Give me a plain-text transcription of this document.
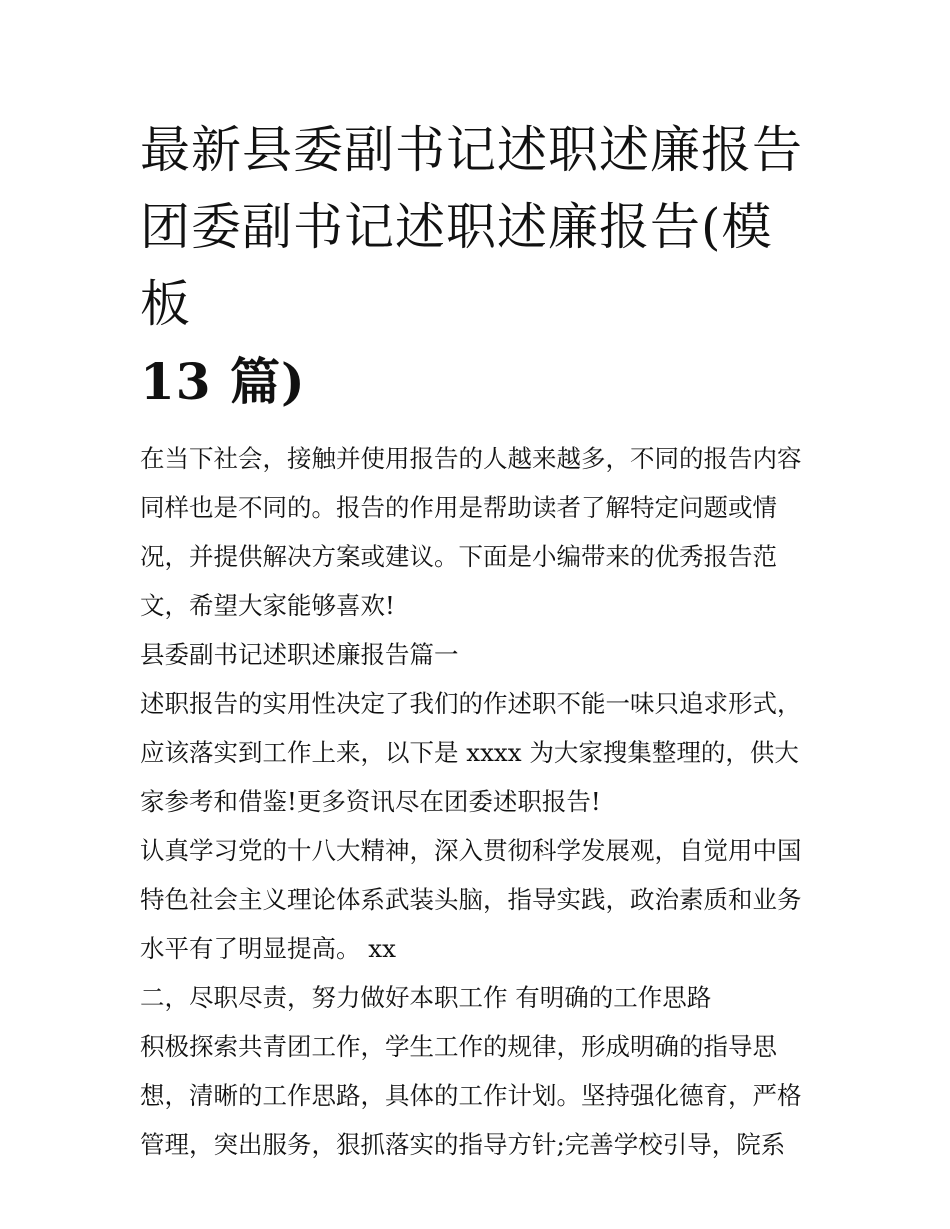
最新县委副书记述职述廉报告
团委副书记述职述廉报告(模板
13 篇)

在当下社会，接触并使用报告的人越来越多，不同的报告内容

同样也是不同的。报告的作用是帮助读者了解特定问题或情

况，并提供解决方案或建议。下面是小编带来的优秀报告范

文，希望大家能够喜欢!

县委副书记述职述廉报告篇一

述职报告的实用性决定了我们的作述职不能一味只追求形式，

应该落实到工作上来，以下是 xxxx 为大家搜集整理的，供大

家参考和借鉴!更多资讯尽在团委述职报告!

认真学习党的十八大精神，深入贯彻科学发展观，自觉用中国

特色社会主义理论体系武装头脑，指导实践，政治素质和业务

水平有了明显提高。 xx

二，尽职尽责，努力做好本职工作 有明确的工作思路

积极探索共青团工作，学生工作的规律，形成明确的指导思

想，清晰的工作思路，具体的工作计划。坚持强化德育，严格

管理，突出服务，狠抓落实的指导方针;完善学校引导，院系
